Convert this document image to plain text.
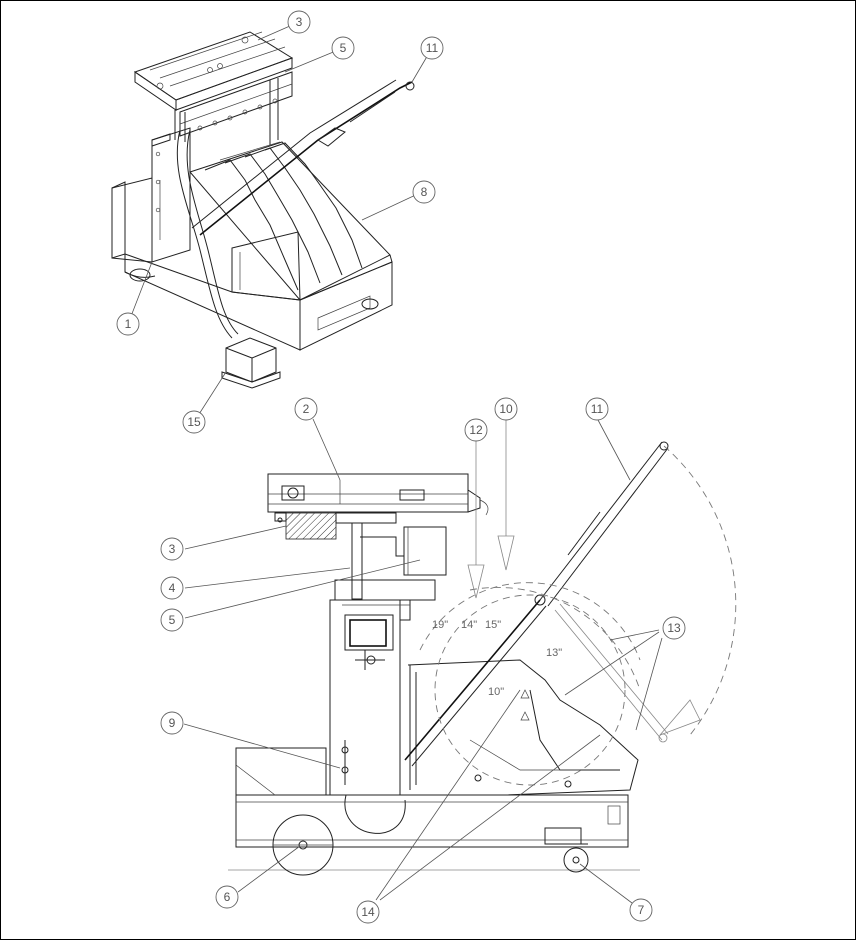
19" 14" 15"
13"
10"
3
5	11
8
1
15
2	10
12
11
3
4
5
13
9
6
14	7
